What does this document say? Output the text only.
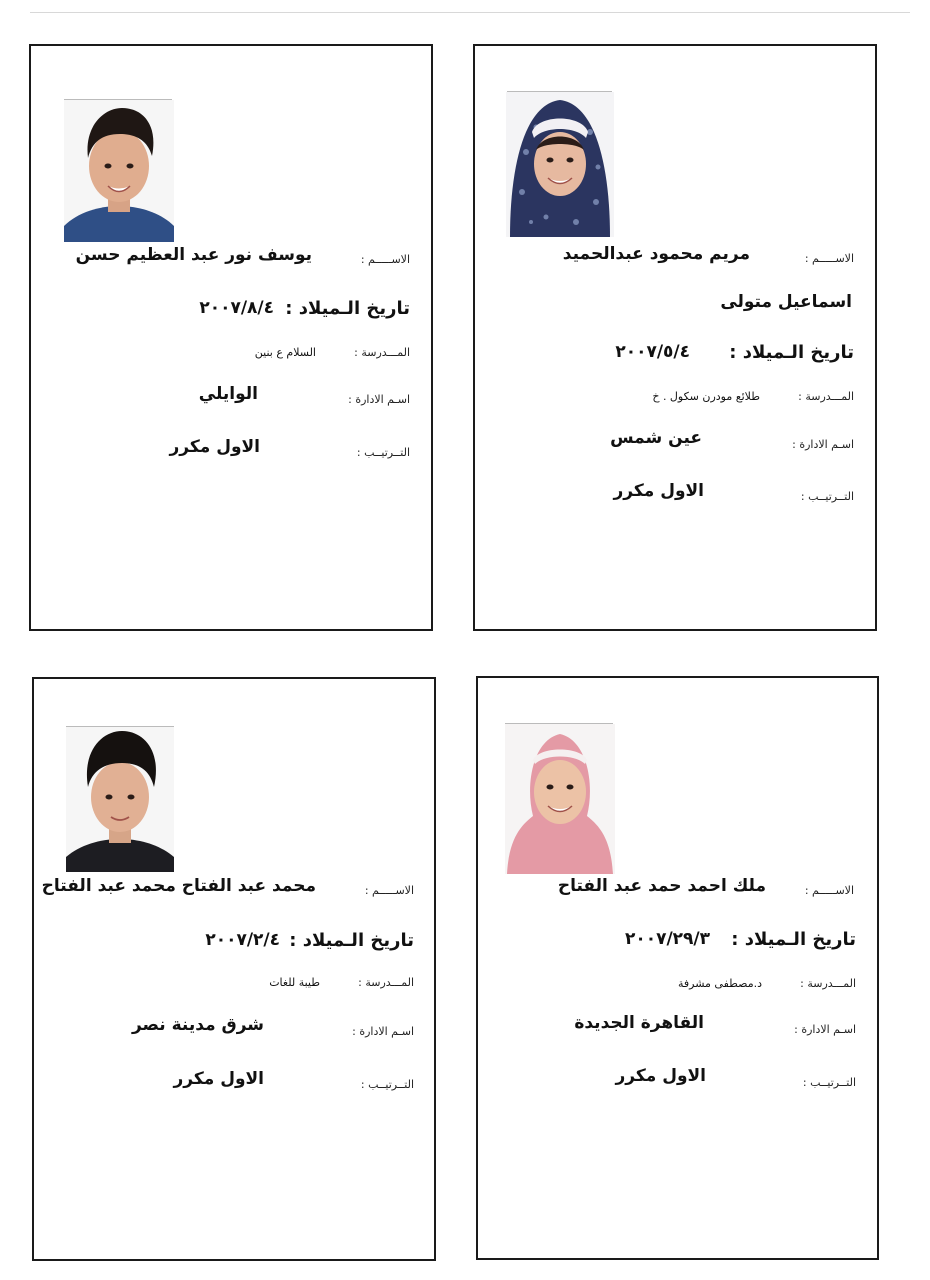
الاســـــم :
مريم محمود عبدالحميد
اسماعيل متولى
تاريخ الـميلاد :
٢٠٠٧/٥/٤
المـــدرسة :
طلائع مودرن سكول . خ
اسـم الادارة :
عين شمس
التــرتيــب :
الاول مكرر
الاســـــم :
يوسف نور عبد العظيم حسن
تاريخ الـميلاد :
٢٠٠٧/٨/٤
المـــدرسة :
السلام ع بنين
اسـم الادارة :
الوايلي
التــرتيــب :
الاول مكرر
الاســـــم :
ملك احمد حمد عبد الفتاح
تاريخ الـميلاد :
٢٠٠٧/٢٩/٣
المـــدرسة :
د.مصطفى مشرفة
اسـم الادارة :
القاهرة الجديدة
التــرتيــب :
الاول مكرر
الاســـــم :
محمد عبد الفتاح محمد عبد الفتاح
تاريخ الـميلاد :
٢٠٠٧/٢/٤
المـــدرسة :
طيبة للغات
اسـم الادارة :
شرق مدينة نصر
التــرتيــب :
الاول مكرر
